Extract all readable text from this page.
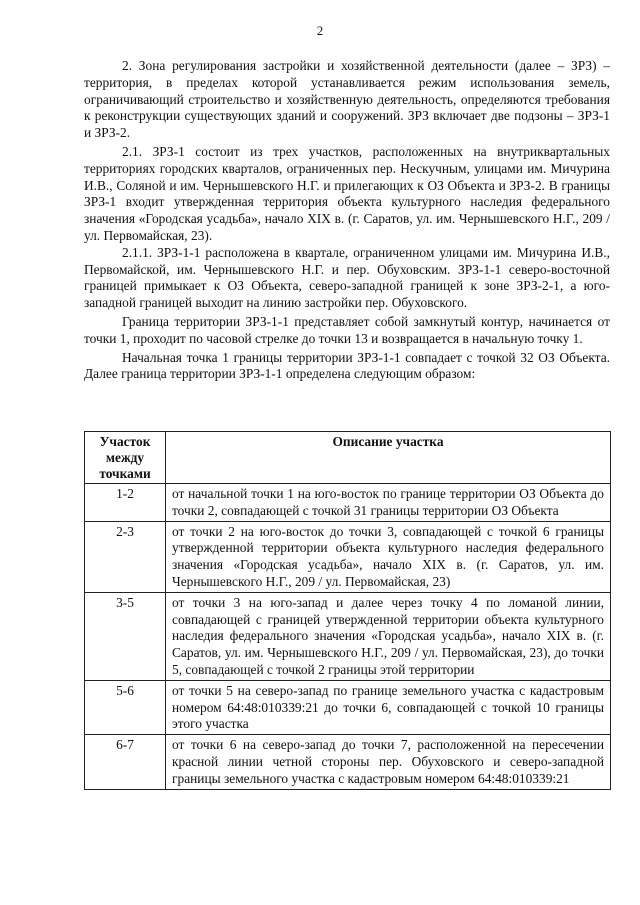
2

2. Зона регулирования застройки и хозяйственной деятельности (далее – ЗРЗ) – территория, в пределах которой устанавливается режим использования земель, ограничивающий строительство и хозяйственную деятельность, определяются требования к реконструкции существующих зданий и сооружений. ЗРЗ включает две подзоны – ЗРЗ-1 и ЗРЗ-2.

2.1. ЗРЗ-1 состоит из трех участков, расположенных на внутриквартальных территориях городских кварталов, ограниченных пер. Нескучным, улицами им. Мичурина И.В., Соляной и им. Чернышевского Н.Г. и прилегающих к ОЗ Объекта и ЗРЗ-2. В границы ЗРЗ-1 входит утвержденная территория объекта культурного наследия федерального значения «Городская усадьба», начало XIX в. (г. Саратов, ул. им. Чернышевского Н.Г., 209 / ул. Первомайская, 23).

2.1.1. ЗРЗ-1-1 расположена в квартале, ограниченном улицами им. Мичурина И.В., Первомайской, им. Чернышевского Н.Г. и пер. Обуховским. ЗРЗ-1-1 северо-восточной границей примыкает к ОЗ Объекта, северо-западной границей к зоне ЗРЗ-2-1, а юго-западной границей выходит на линию застройки пер. Обуховского.

Граница территории ЗРЗ-1-1 представляет собой замкнутый контур, начинается от точки 1, проходит по часовой стрелке до точки 13 и возвращается в начальную точку 1.

Начальная точка 1 границы территории ЗРЗ-1-1 совпадает с точкой 32 ОЗ Объекта. Далее граница территории ЗРЗ-1-1 определена следующим образом:

Участок между точками	Описание участка
1-2	от начальной точки 1 на юго-восток по границе территории ОЗ Объекта до точки 2, совпадающей с точкой 31 границы территории ОЗ Объекта
2-3	от точки 2 на юго-восток до точки 3, совпадающей с точкой 6 границы утвержденной территории объекта культурного наследия федерального значения «Городская усадьба», начало XIX в. (г. Саратов, ул. им. Чернышевского Н.Г., 209 / ул. Первомайская, 23)
3-5	от точки 3 на юго-запад и далее через точку 4 по ломаной линии, совпадающей с границей утвержденной территории объекта культурного наследия федерального значения «Городская усадьба», начало XIX в. (г. Саратов, ул. им. Чернышевского Н.Г., 209 / ул. Первомайская, 23), до точки 5, совпадающей с точкой 2 границы этой территории
5-6	от точки 5 на северо-запад по границе земельного участка с кадастровым номером 64:48:010339:21 до точки 6, совпадающей с точкой 10 границы этого участка
6-7	от точки 6 на северо-запад до точки 7, расположенной на пересечении красной линии четной стороны пер. Обуховского и северо-западной границы земельного участка с кадастровым номером 64:48:010339:21
